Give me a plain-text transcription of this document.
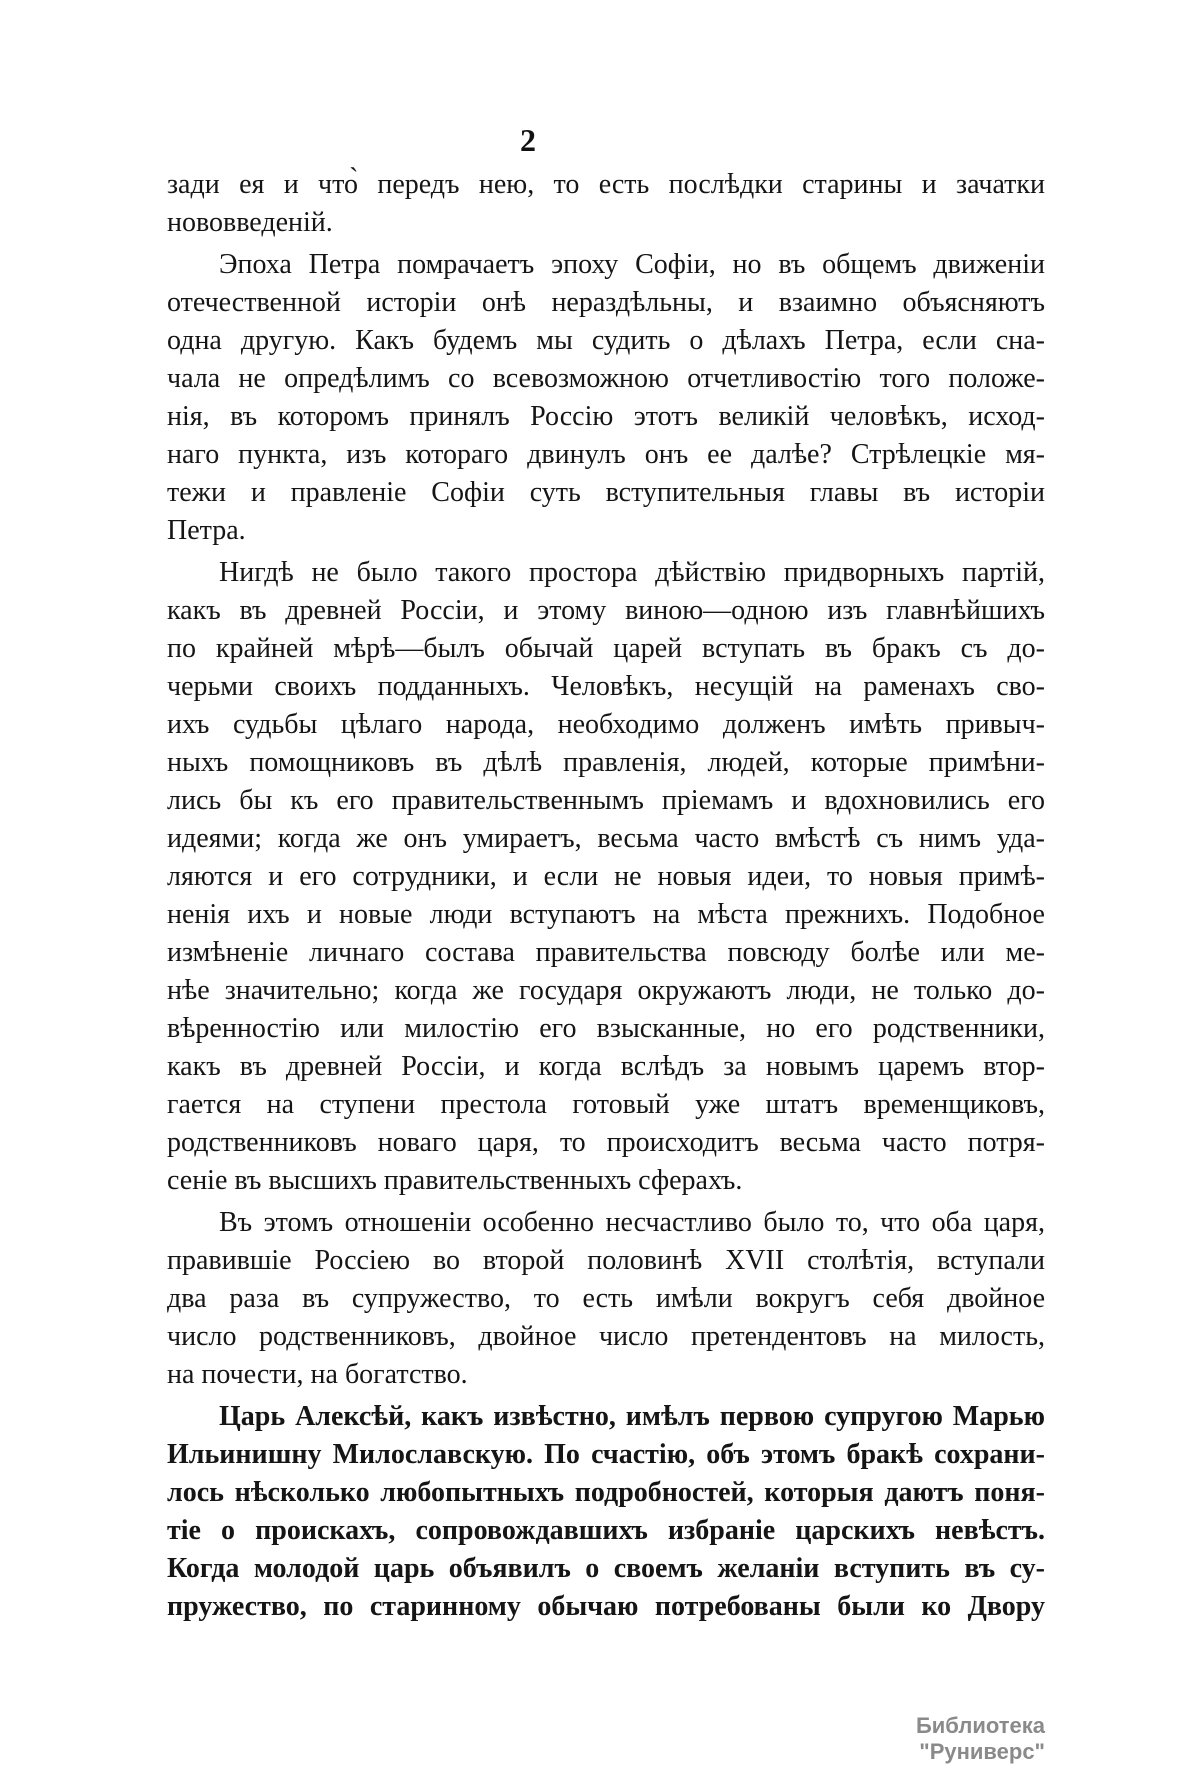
2
зади ея и что̀ передъ нею, то есть послѣдки старины и зачатки
нововведеній.
Эпоха Петра помрачаетъ эпоху Софіи, но въ общемъ движеніи
отечественной исторіи онѣ нераздѣльны, и взаимно объясняютъ
одна другую. Какъ будемъ мы судить о дѣлахъ Петра, если сна-
чала не опредѣлимъ со всевозможною отчетливостію того положе-
нія, въ которомъ принялъ Россію этотъ великій человѣкъ, исход-
наго пункта, изъ котораго двинулъ онъ ее далѣе? Стрѣлецкіе мя-
тежи и правленіе Софіи суть вступительныя главы въ исторіи
Петра.
Нигдѣ не было такого простора дѣйствію придворныхъ партій,
какъ въ древней Россіи, и этому виною—одною изъ главнѣйшихъ
по крайней мѣрѣ—былъ обычай царей вступать въ бракъ съ до-
черьми своихъ подданныхъ. Человѣкъ, несущій на раменахъ сво-
ихъ судьбы цѣлаго народа, необходимо долженъ имѣть привыч-
ныхъ помощниковъ въ дѣлѣ правленія, людей, которые примѣни-
лись бы къ его правительственнымъ пріемамъ и вдохновились его
идеями; когда же онъ умираетъ, весьма часто вмѣстѣ съ нимъ уда-
ляются и его сотрудники, и если не новыя идеи, то новыя примѣ-
ненія ихъ и новые люди вступаютъ на мѣста прежнихъ. Подобное
измѣненіе личнаго состава правительства повсюду болѣе или ме-
нѣе значительно; когда же государя окружаютъ люди, не только до-
вѣренностію или милостію его взысканные, но его родственники,
какъ въ древней Россіи, и когда вслѣдъ за новымъ царемъ втор-
гается на ступени престола готовый уже штатъ временщиковъ,
родственниковъ новаго царя, то происходитъ весьма часто потря-
сеніе въ высшихъ правительственныхъ сферахъ.
Въ этомъ отношеніи особенно несчастливо было то, что оба царя,
правившіе Россіею во второй половинѣ XVII столѣтія, вступали
два раза въ супружество, то есть имѣли вокругъ себя двойное
число родственниковъ, двойное число претендентовъ на милость,
на почести, на богатство.
Царь Алексѣй, какъ извѣстно, имѣлъ первою супругою Марью
Ильинишну Милославскую. По счастію, объ этомъ бракѣ сохрани-
лось нѣсколько любопытныхъ подробностей, которыя даютъ поня-
тіе о проискахъ, сопровождавшихъ избраніе царскихъ невѣстъ.
Когда молодой царь объявилъ о своемъ желаніи вступить въ су-
пружество, по старинному обычаю потребованы были ко Двору
Библиотека "Руниверс"
